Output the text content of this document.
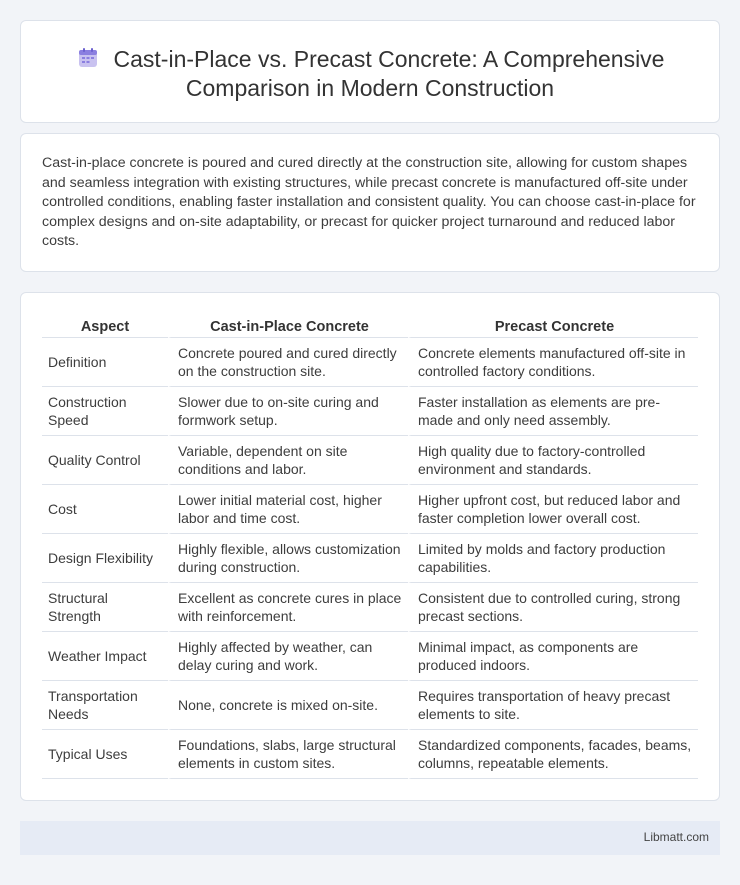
Cast-in-Place vs. Precast Concrete: A Comprehensive
Comparison in Modern Construction

Cast-in-place concrete is poured and cured directly at the construction site, allowing for custom shapes and seamless integration with existing structures, while precast concrete is manufactured off-site under controlled conditions, enabling faster installation and consistent quality. You can choose cast-in-place for complex designs and on-site adaptability, or precast for quicker project turnaround and reduced labor costs.

Aspect	Cast-in-Place Concrete	Precast Concrete
Definition	Concrete poured and cured directly on the construction site.	Concrete elements manufactured off-site in controlled factory conditions.
Construction Speed	Slower due to on-site curing and formwork setup.	Faster installation as elements are pre-made and only need assembly.
Quality Control	Variable, dependent on site conditions and labor.	High quality due to factory-controlled environment and standards.
Cost	Lower initial material cost, higher labor and time cost.	Higher upfront cost, but reduced labor and faster completion lower overall cost.
Design Flexibility	Highly flexible, allows customization during construction.	Limited by molds and factory production capabilities.
Structural Strength	Excellent as concrete cures in place with reinforcement.	Consistent due to controlled curing, strong precast sections.
Weather Impact	Highly affected by weather, can delay curing and work.	Minimal impact, as components are produced indoors.
Transportation Needs	None, concrete is mixed on-site.	Requires transportation of heavy precast elements to site.
Typical Uses	Foundations, slabs, large structural elements in custom sites.	Standardized components, facades, beams, columns, repeatable elements.
Libmatt.com
